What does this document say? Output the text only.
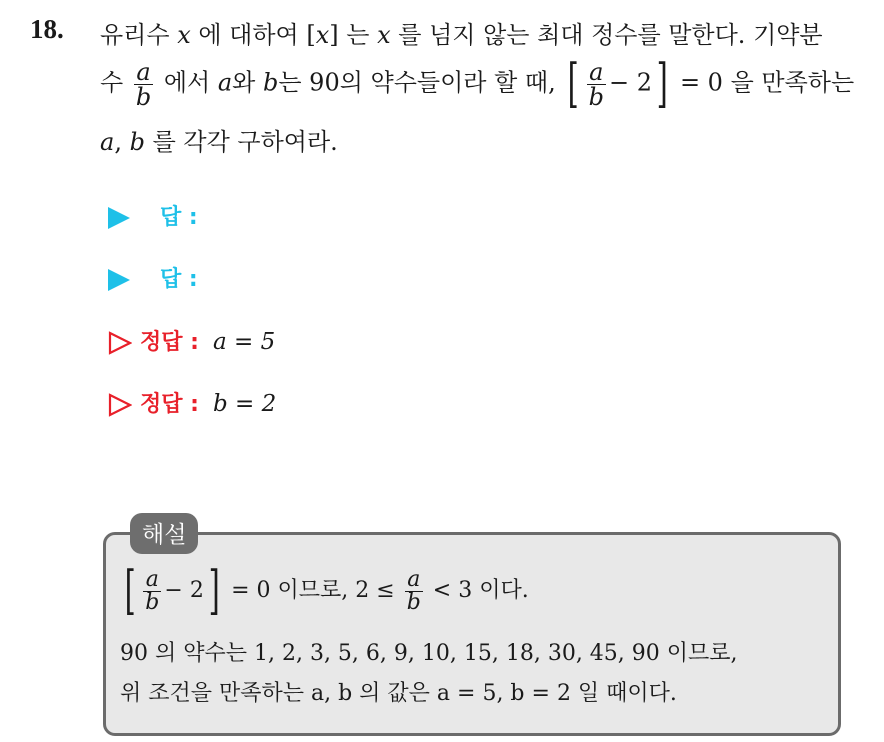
18. 유리수 x 에 대하여 [x] 는 x 를 넘지 않는 최대 정수를 말한다. 기약분
수 $\frac{a}{b}$ 에서 a와 b는 90의 약수들이라 할 때, [ $\frac{a}{b} - 2] = 0$ 을 만족하는
a, b 를 각각 구하여라.
답 :
답 :
정답 : a = 5
정답 : b = 2
해설
[ $\frac{a}{b} - 2] = 0$ 이므로, $2 \le \frac{a}{b} < 3$ 이다.
90 의 약수는 1, 2, 3, 5, 6, 9, 10, 15, 18, 30, 45, 90 이므로,
위 조건을 만족하는 a, b 의 값은 a = 5, b = 2 일 때이다.
